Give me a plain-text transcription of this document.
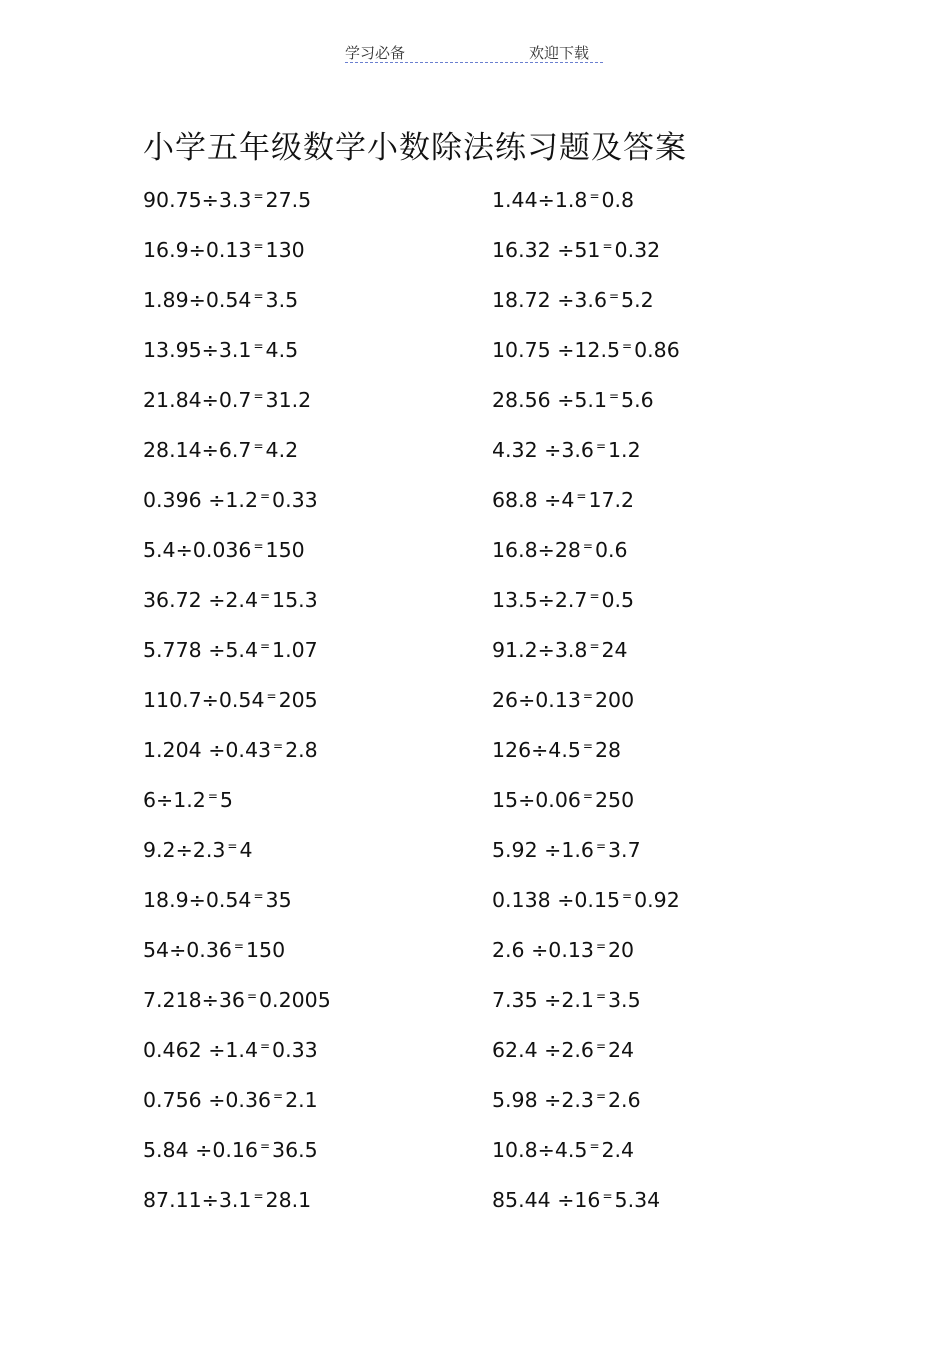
学习必备	欢迎下载
小学五年级数学小数除法练习题及答案
90.75÷3.3 =27.5
16.9÷0.13 =130
1.89÷0.54 =3.5
13.95÷3.1 =4.5
21.84÷0.7 =31.2
28.14÷6.7 =4.2
0.396 ÷1.2 =0.33
5.4÷0.036 =150
36.72 ÷2.4 =15.3
5.778 ÷5.4 =1.07
110.7÷0.54 =205
1.204 ÷0.43 =2.8
6÷1.2 =5
9.2÷2.3 =4
18.9÷0.54 =35
54÷0.36 =150
7.218÷36 =0.2005
0.462 ÷1.4 =0.33
0.756 ÷0.36 =2.1
5.84 ÷0.16 =36.5
87.11÷3.1 =28.1
1.44÷1.8 =0.8
16.32 ÷51 =0.32
18.72 ÷3.6 =5.2
10.75 ÷12.5 =0.86
28.56 ÷5.1 =5.6
4.32 ÷3.6 =1.2
68.8 ÷4 =17.2
16.8÷28 =0.6
13.5÷2.7 =0.5
91.2÷3.8 =24
26÷0.13 =200
126÷4.5 =28
15÷0.06 =250
5.92 ÷1.6 =3.7
0.138 ÷0.15 =0.92
2.6 ÷0.13 =20
7.35 ÷2.1 =3.5
62.4 ÷2.6 =24
5.98 ÷2.3 =2.6
10.8÷4.5 =2.4
85.44 ÷16 =5.34
